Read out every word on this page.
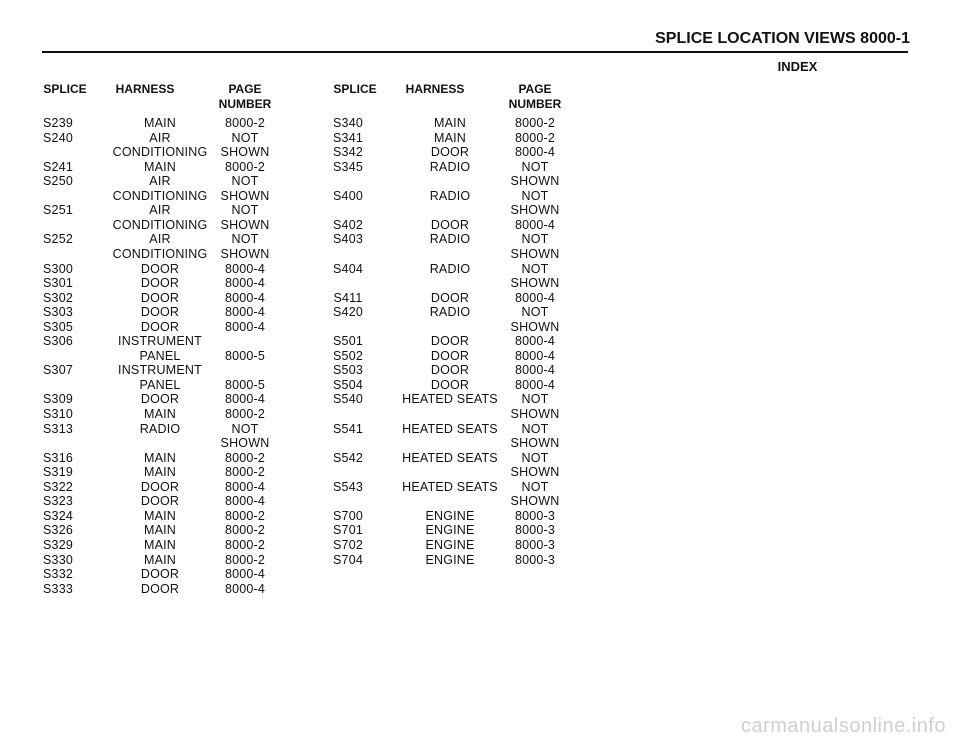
SPLICE LOCATION VIEWS 8000-1
INDEX
SPLICE	HARNESS	PAGE
NUMBER
SPLICE	HARNESS	PAGE
NUMBER
S239	MAIN	8000-2
S240	AIR	NOT
CONDITIONING	SHOWN
S241	MAIN	8000-2
S250	AIR	NOT
CONDITIONING	SHOWN
S251	AIR	NOT
CONDITIONING	SHOWN
S252	AIR	NOT
CONDITIONING	SHOWN
S300	DOOR	8000-4
S301	DOOR	8000-4
S302	DOOR	8000-4
S303	DOOR	8000-4
S305	DOOR	8000-4
S306	INSTRUMENT
PANEL	8000-5
S307	INSTRUMENT
PANEL	8000-5
S309	DOOR	8000-4
S310	MAIN	8000-2
S313	RADIO	NOT
SHOWN
S316	MAIN	8000-2
S319	MAIN	8000-2
S322	DOOR	8000-4
S323	DOOR	8000-4
S324	MAIN	8000-2
S326	MAIN	8000-2
S329	MAIN	8000-2
S330	MAIN	8000-2
S332	DOOR	8000-4
S333	DOOR	8000-4
S340	MAIN	8000-2
S341	MAIN	8000-2
S342	DOOR	8000-4
S345	RADIO	NOT
SHOWN
S400	RADIO	NOT
SHOWN
S402	DOOR	8000-4
S403	RADIO	NOT
SHOWN
S404	RADIO	NOT
SHOWN
S411	DOOR	8000-4
S420	RADIO	NOT
SHOWN
S501	DOOR	8000-4
S502	DOOR	8000-4
S503	DOOR	8000-4
S504	DOOR	8000-4
S540	HEATED SEATS	NOT
SHOWN
S541	HEATED SEATS	NOT
SHOWN
S542	HEATED SEATS	NOT
SHOWN
S543	HEATED SEATS	NOT
SHOWN
S700	ENGINE	8000-3
S701	ENGINE	8000-3
S702	ENGINE	8000-3
S704	ENGINE	8000-3
carmanualsonline.info
